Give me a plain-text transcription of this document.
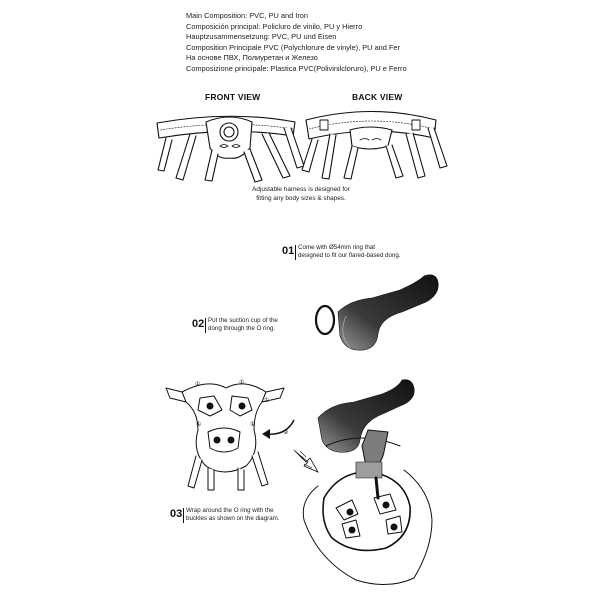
Main Composition: PVC, PU and Iron
Composición principal: Policluro de vinilo, PU y Hierro
Hauptzusammensetzung: PVC, PU und Eisen
Composition Principale PVC (Polychlorure de vinyle), PU and Fer
На основе ПВХ, Полиуретан и Железо
Composizione principale: Plastica PVC(Polivinilcloruro), PU e Ferro
FRONT VIEW	BACK VIEW
Adjustable harness is designed for
fitting any body sizes & shapes.
01 Come with Ø54mm ring that
designed to fit our flared-based dong.
02 Put the suction cup of the
dong through the O ring.
①	①
①	①
①
②
03 Wrap around the O ring with the
buckles as shown on the diagram.
